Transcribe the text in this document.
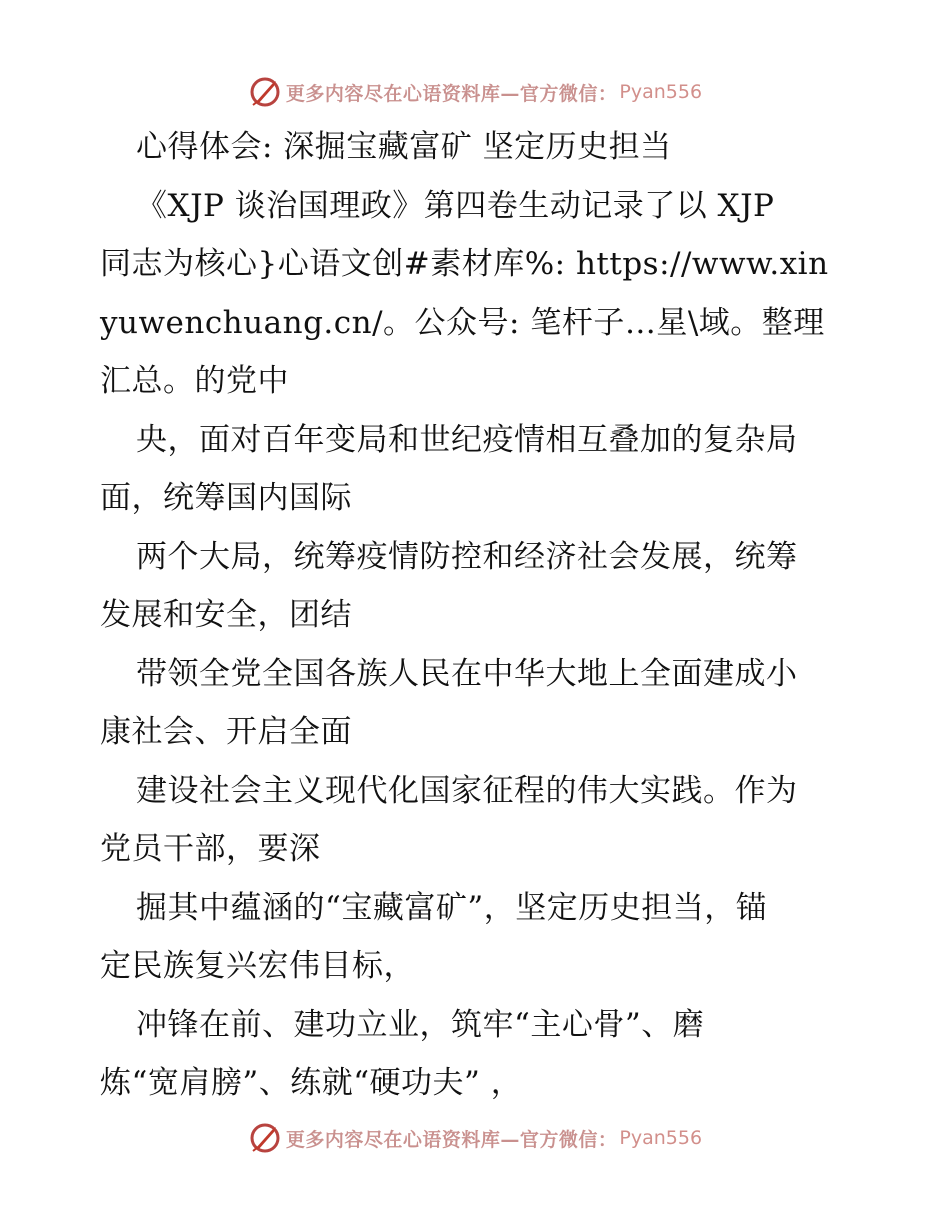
更多内容尽在心语资料库—官方微信： Pyan556

心得体会: 深掘宝藏富矿 坚定历史担当

《XJP 谈治国理政》第四卷生动记录了以 XJP

同志为核心}心语文创#素材库%: https://www.xin

yuwenchuang.cn/。公众号: 笔杆子…星\域。整理

汇总。的党中

央，面对百年变局和世纪疫情相互叠加的复杂局

面，统筹国内国际

两个大局，统筹疫情防控和经济社会发展，统筹

发展和安全，团结

带领全党全国各族人民在中华大地上全面建成小

康社会、开启全面

建设社会主义现代化国家征程的伟大实践。作为

党员干部，要深

掘其中蕴涵的“宝藏富矿”，坚定历史担当，锚

定民族复兴宏伟目标，

冲锋在前、建功立业，筑牢“主心骨”、磨

炼“宽肩膀”、练就“硬功夫” ，

更多内容尽在心语资料库—官方微信： Pyan556
